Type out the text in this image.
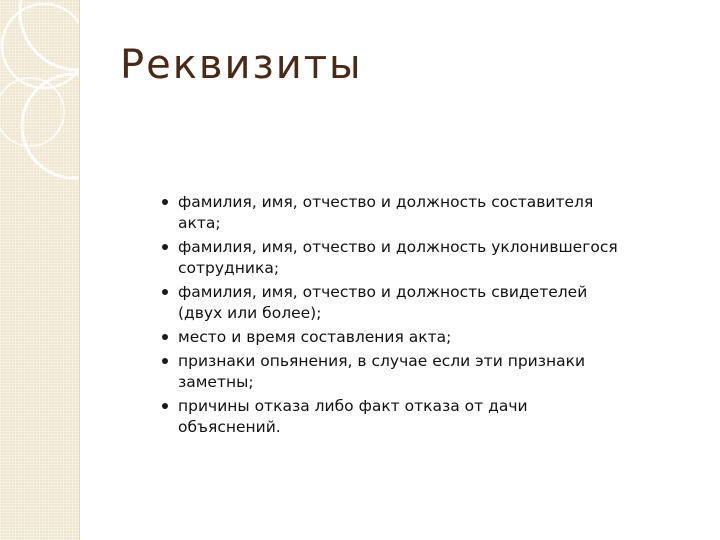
Реквизиты
фамилия, имя, отчество и должность составителя акта;
фамилия, имя, отчество и должность уклонившегося сотрудника;
фамилия, имя, отчество и должность свидетелей (двух или более);
место и время составления акта;
признаки опьянения, в случае если эти признаки заметны;
причины отказа либо факт отказа от дачи объяснений.
